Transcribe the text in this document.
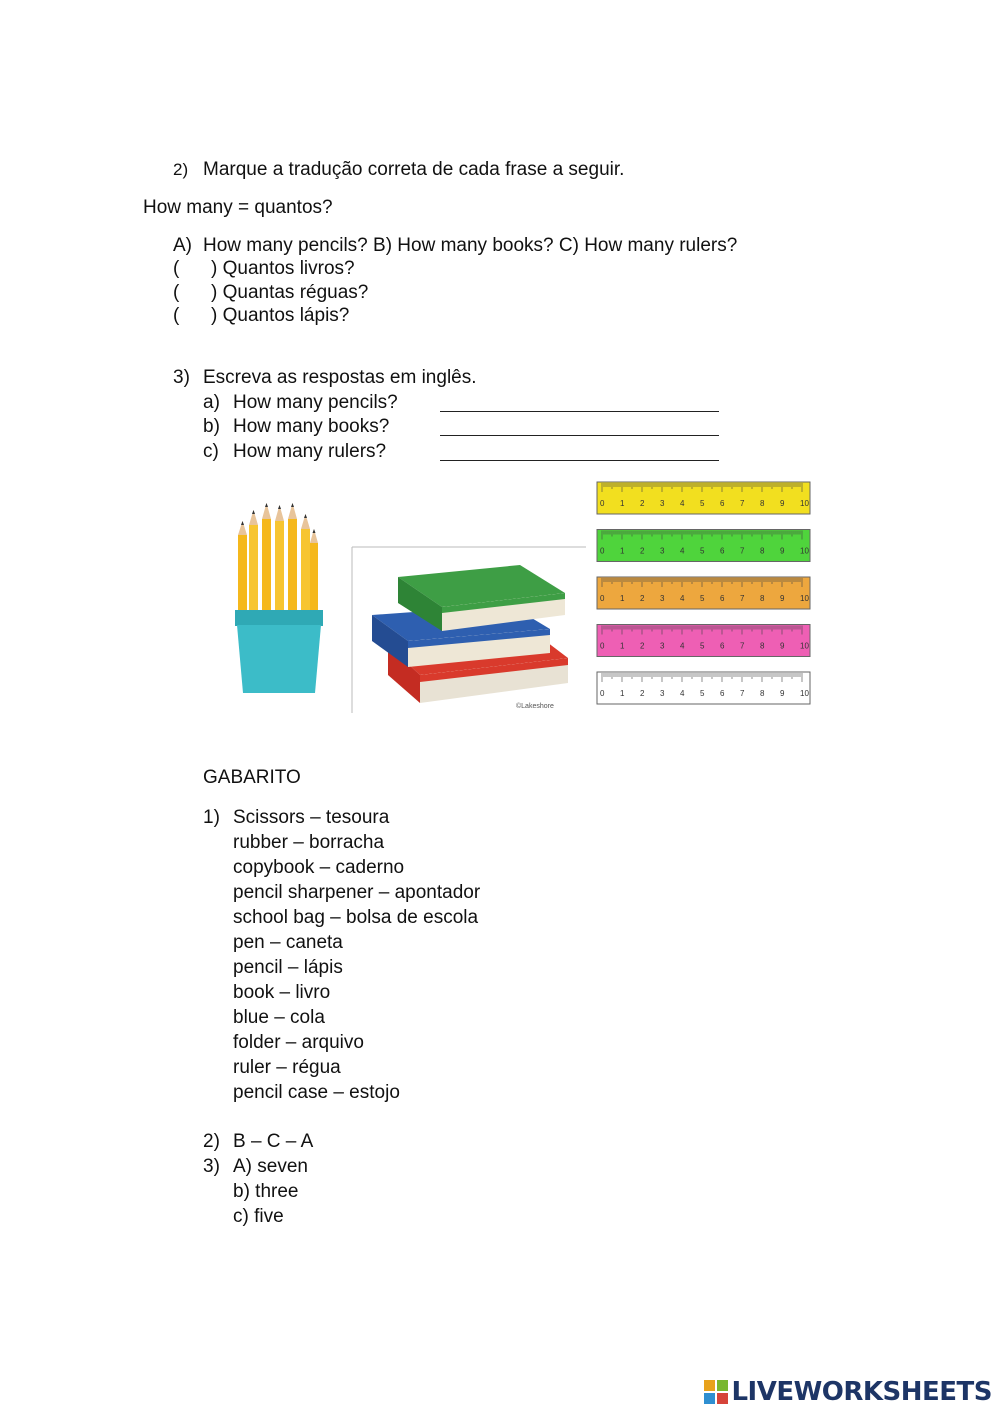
2) Marque a tradução correta de cada frase a seguir.
How many = quantos?
A) How many pencils? B) How many books? C) How many rulers?
(      ) Quantos livros?
(      ) Quantas réguas?
(      ) Quantos lápis?
3) Escreva as respostas em inglês.
a) How many pencils?
b) How many books?
c) How many rulers?
©Lakeshore
0 1 2 3 4 5 6 7 8 9 10
0 1 2 3 4 5 6 7 8 9 10
0 1 2 3 4 5 6 7 8 9 10
0 1 2 3 4 5 6 7 8 9 10
0 1 2 3 4 5 6 7 8 9 10
GABARITO
1) Scissors – tesoura
rubber – borracha
copybook – caderno
pencil sharpener – apontador
school bag – bolsa de escola
pen – caneta
pencil – lápis
book – livro
blue – cola
folder – arquivo
ruler – régua
pencil case – estojo
2) B – C – A
3) A) seven
b) three
c) five
LIVEWORKSHEETS
